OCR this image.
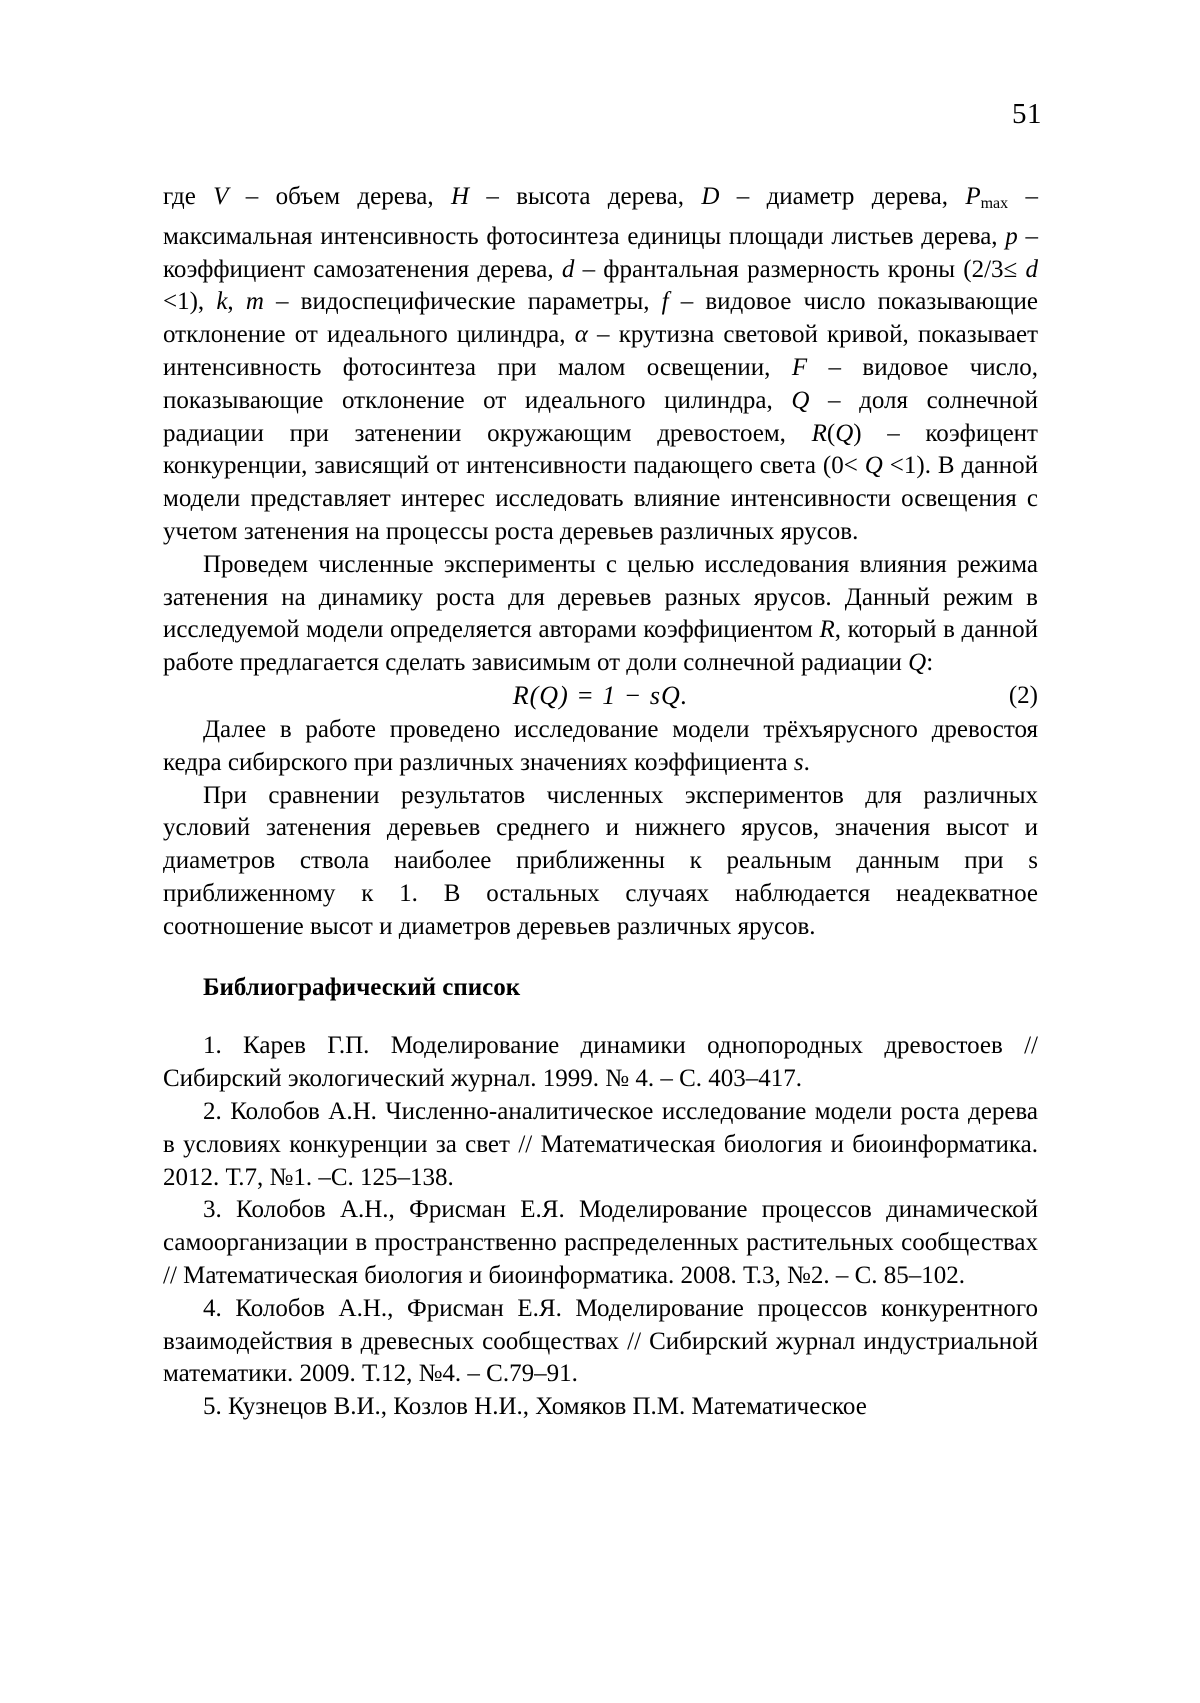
51

где V – объем дерева, H – высота дерева, D – диаметр дерева, $P_{max}$ – максимальная интенсивность фотосинтеза единицы площади листьев дерева, p – коэффициент самозатенения дерева, d – франтальная размерность кроны (2/3≤ d <1), k, m – видоспецифические параметры, f – видовое число показывающие отклонение от идеального цилиндра, α – крутизна световой кривой, показывает интенсивность фотосинтеза при малом освещении, F – видовое число, показывающие отклонение от идеального цилиндра, Q – доля солнечной радиации при затенении окружающим древостоем, R(Q) – коэфицент конкуренции, зависящий от интенсивности падающего света (0< Q <1). В данной модели представляет интерес исследовать влияние интенсивности освещения с учетом затенения на процессы роста деревьев различных ярусов.

Проведем численные эксперименты с целью исследования влияния режима затенения на динамику роста для деревьев разных ярусов. Данный режим в исследуемой модели определяется авторами коэффициентом R, который в данной работе предлагается сделать зависимым от доли солнечной радиации Q:

R(Q) = 1 − sQ.	(2)

Далее в работе проведено исследование модели трёхъярусного древостоя кедра сибирского при различных значениях коэффициента s.

При сравнении результатов численных экспериментов для различных условий затенения деревьев среднего и нижнего ярусов, значения высот и диаметров ствола наиболее приближенны к реальным данным при s приближенному к 1. В остальных случаях наблюдается неадекватное соотношение высот и диаметров деревьев различных ярусов.

Библиографический список

1. Карев Г.П. Моделирование динамики однопородных древостоев // Сибирский экологический журнал. 1999. № 4. – С. 403–417.

2. Колобов А.Н. Численно-аналитическое исследование модели роста дерева в условиях конкуренции за свет // Математическая биология и биоинформатика. 2012. Т.7, №1. –С. 125–138.

3. Колобов А.Н., Фрисман Е.Я. Моделирование процессов динамической самоорганизации в пространственно распределенных растительных сообществах // Математическая биология и биоинформатика. 2008. Т.3, №2. – С. 85–102.

4. Колобов А.Н., Фрисман Е.Я. Моделирование процессов конкурентного взаимодействия в древесных сообществах // Сибирский журнал индустриальной математики. 2009. Т.12, №4. – С.79–91.

5. Кузнецов В.И., Козлов Н.И., Хомяков П.М. Математическое
